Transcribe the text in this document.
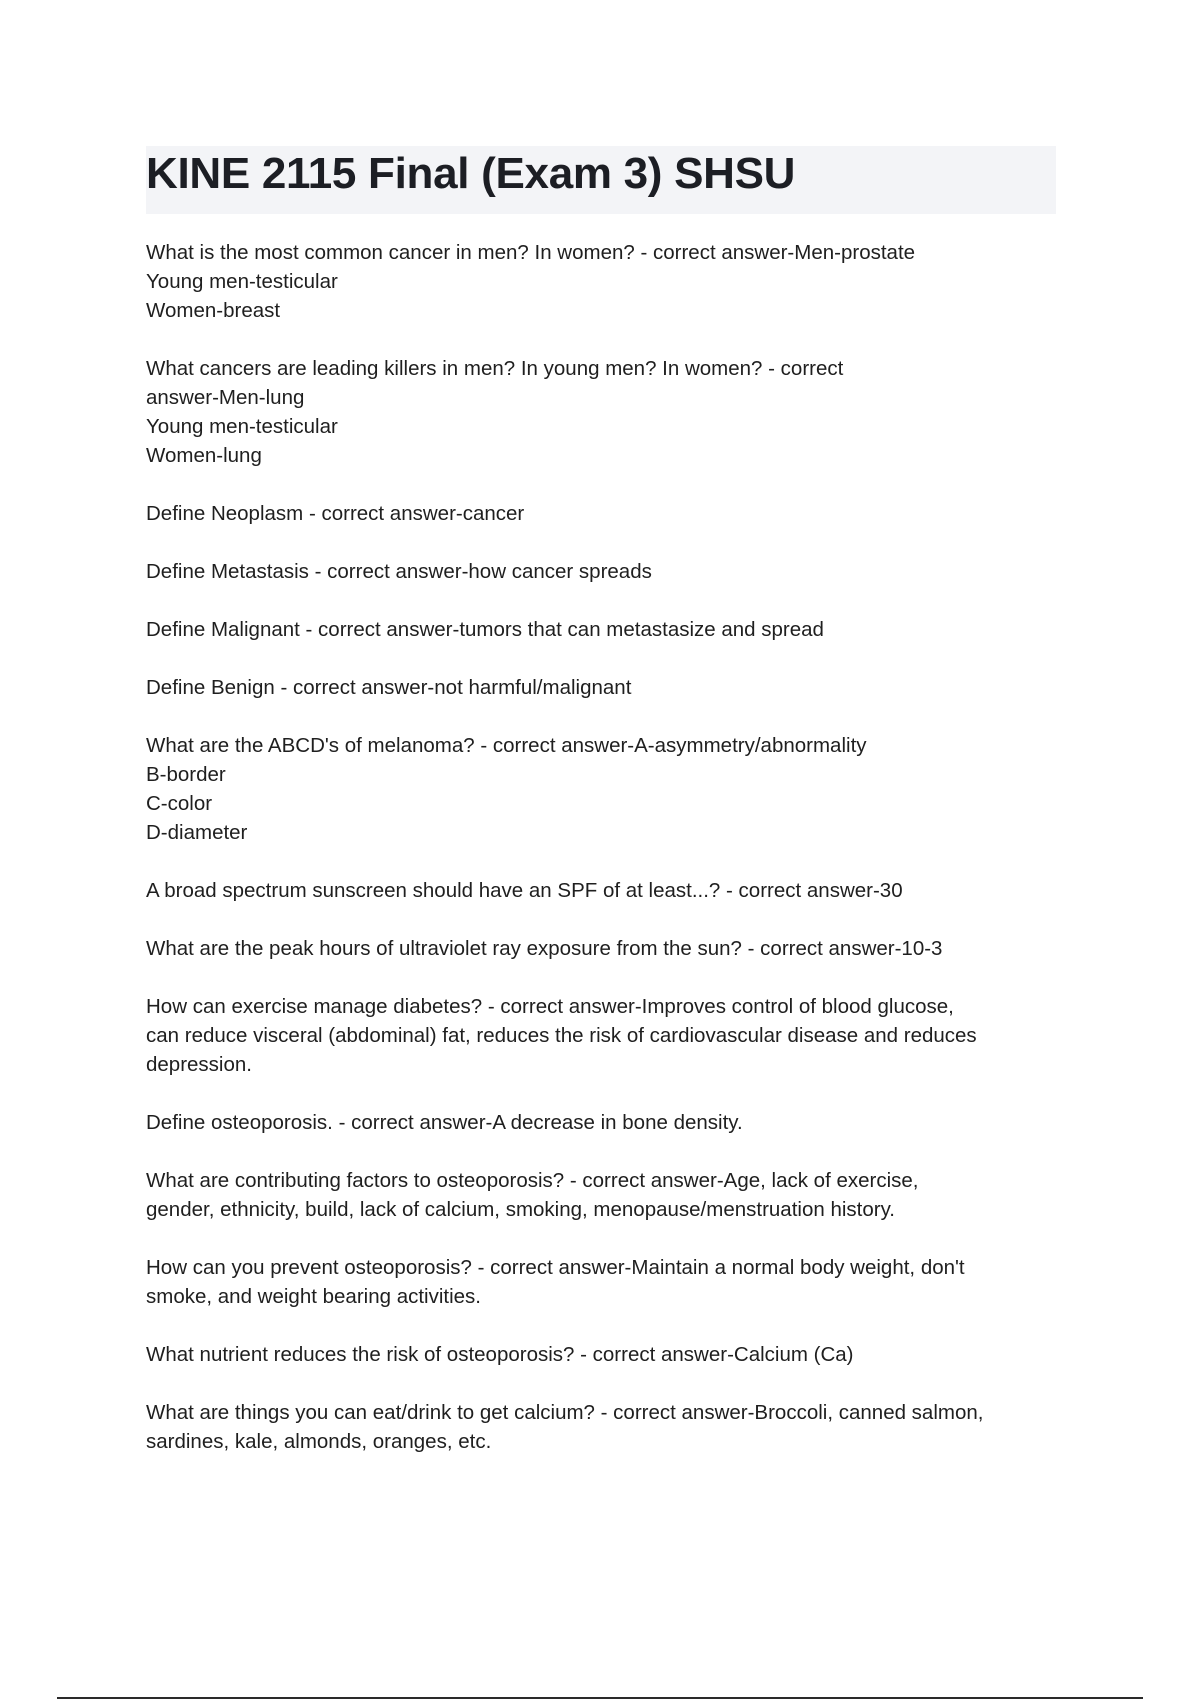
KINE 2115 Final (Exam 3) SHSU
What is the most common cancer in men? In women? - correct answer-Men-prostate
Young men-testicular
Women-breast
What cancers are leading killers in men? In young men? In women? - correct
answer-Men-lung
Young men-testicular
Women-lung
Define Neoplasm - correct answer-cancer
Define Metastasis - correct answer-how cancer spreads
Define Malignant - correct answer-tumors that can metastasize and spread
Define Benign - correct answer-not harmful/malignant
What are the ABCD's of melanoma? - correct answer-A-asymmetry/abnormality
B-border
C-color
D-diameter
A broad spectrum sunscreen should have an SPF of at least...? - correct answer-30
What are the peak hours of ultraviolet ray exposure from the sun? - correct answer-10-3
How can exercise manage diabetes? - correct answer-Improves control of blood glucose,
can reduce visceral (abdominal) fat, reduces the risk of cardiovascular disease and reduces
depression.
Define osteoporosis. - correct answer-A decrease in bone density.
What are contributing factors to osteoporosis? - correct answer-Age, lack of exercise,
gender, ethnicity, build, lack of calcium, smoking, menopause/menstruation history.
How can you prevent osteoporosis? - correct answer-Maintain a normal body weight, don't
smoke, and weight bearing activities.
What nutrient reduces the risk of osteoporosis? - correct answer-Calcium (Ca)
What are things you can eat/drink to get calcium? - correct answer-Broccoli, canned salmon,
sardines, kale, almonds, oranges, etc.
